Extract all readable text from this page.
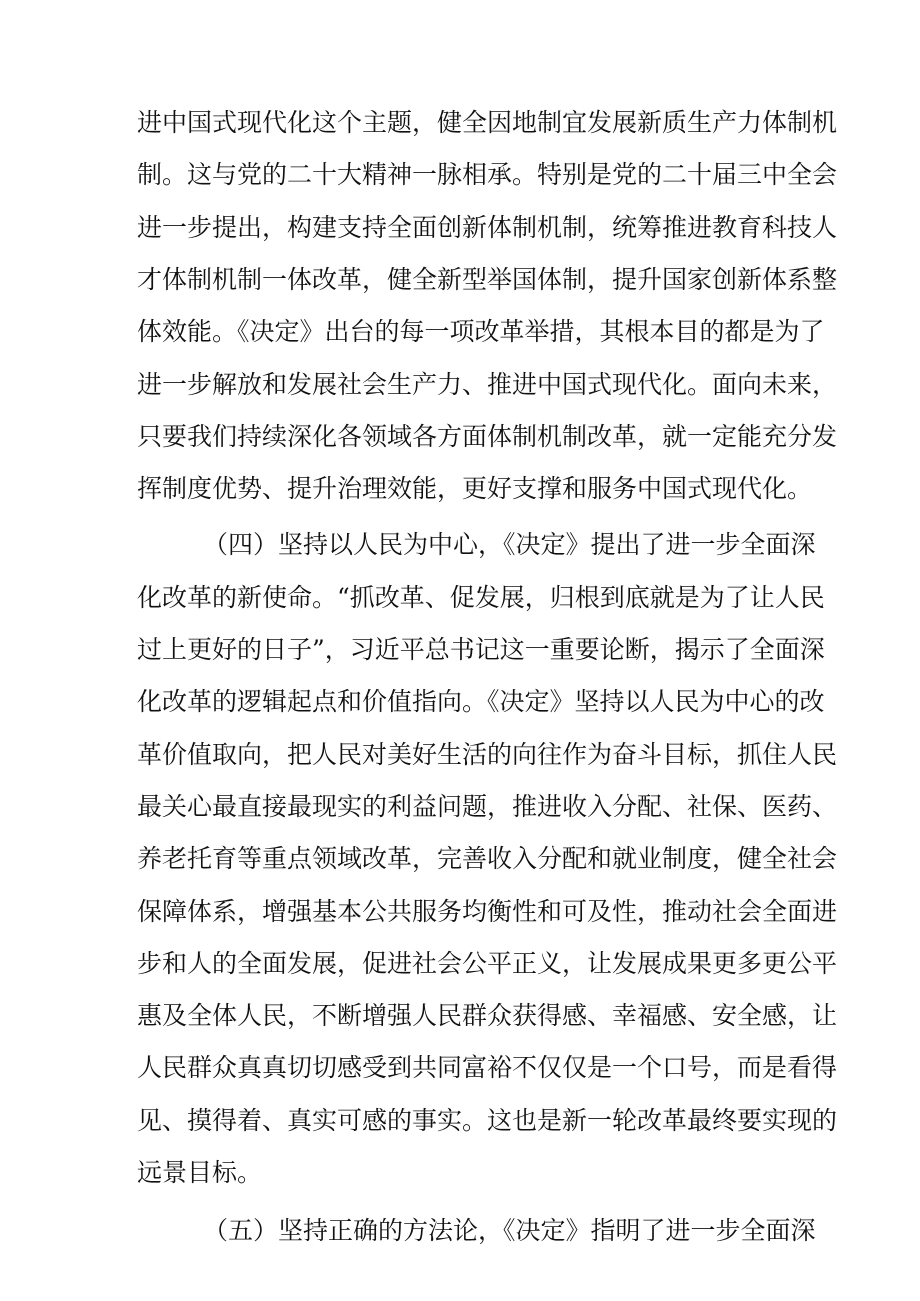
进中国式现代化这个主题，健全因地制宜发展新质生产力体制机
制。这与党的二十大精神一脉相承。特别是党的二十届三中全会
进一步提出，构建支持全面创新体制机制，统筹推进教育科技人
才体制机制一体改革，健全新型举国体制，提升国家创新体系整
体效能。《决定》出台的每一项改革举措，其根本目的都是为了
进一步解放和发展社会生产力、推进中国式现代化。面向未来，
只要我们持续深化各领域各方面体制机制改革，就一定能充分发
挥制度优势、提升治理效能，更好支撑和服务中国式现代化。
（四）坚持以人民为中心，《决定》提出了进一步全面深
化改革的新使命。“抓改革、促发展，归根到底就是为了让人民
过上更好的日子”，习近平总书记这一重要论断，揭示了全面深
化改革的逻辑起点和价值指向。《决定》坚持以人民为中心的改
革价值取向，把人民对美好生活的向往作为奋斗目标，抓住人民
最关心最直接最现实的利益问题，推进收入分配、社保、医药、
养老托育等重点领域改革，完善收入分配和就业制度，健全社会
保障体系，增强基本公共服务均衡性和可及性，推动社会全面进
步和人的全面发展，促进社会公平正义，让发展成果更多更公平
惠及全体人民，不断增强人民群众获得感、幸福感、安全感，让
人民群众真真切切感受到共同富裕不仅仅是一个口号，而是看得
见、摸得着、真实可感的事实。这也是新一轮改革最终要实现的
远景目标。
（五）坚持正确的方法论，《决定》指明了进一步全面深
